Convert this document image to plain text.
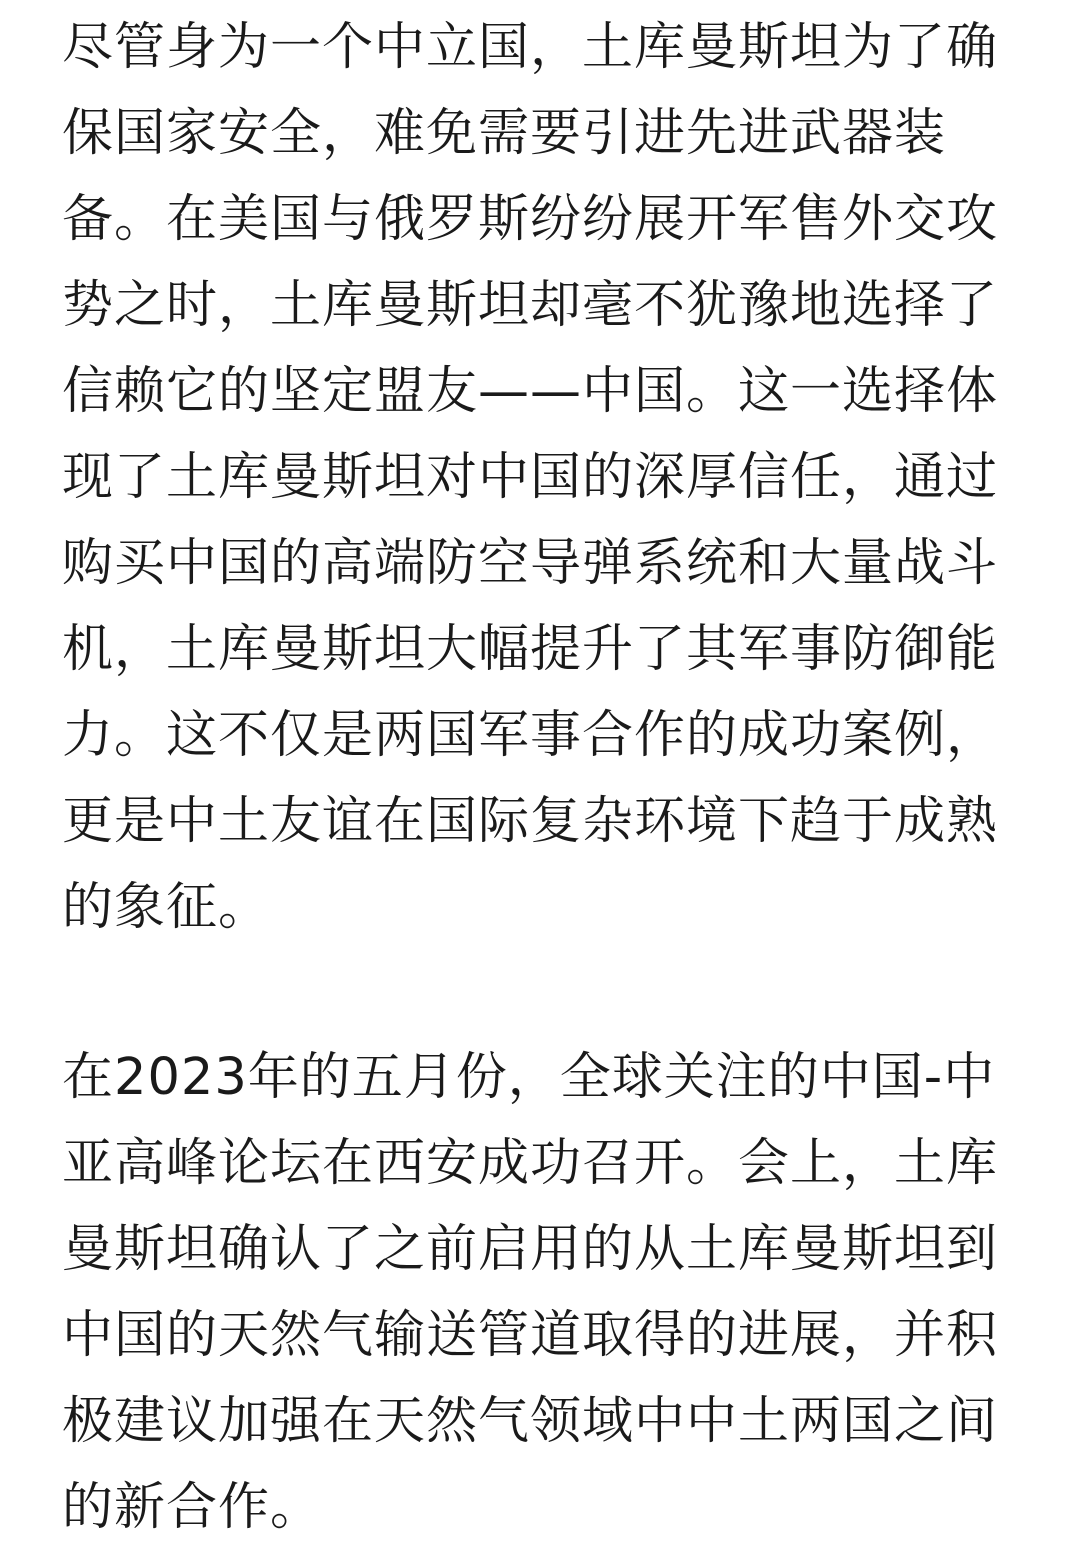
尽管身为一个中立国，土库曼斯坦为了确
保国家安全，难免需要引进先进武器装
备。在美国与俄罗斯纷纷展开军售外交攻
势之时，土库曼斯坦却毫不犹豫地选择了
信赖它的坚定盟友——中国。这一选择体
现了土库曼斯坦对中国的深厚信任，通过
购买中国的高端防空导弹系统和大量战斗
机，土库曼斯坦大幅提升了其军事防御能
力。这不仅是两国军事合作的成功案例，
更是中土友谊在国际复杂环境下趋于成熟
的象征。
在2023年的五月份，全球关注的中国-中
亚高峰论坛在西安成功召开。会上，土库
曼斯坦确认了之前启用的从土库曼斯坦到
中国的天然气输送管道取得的进展，并积
极建议加强在天然气领域中中土两国之间
的新合作。
